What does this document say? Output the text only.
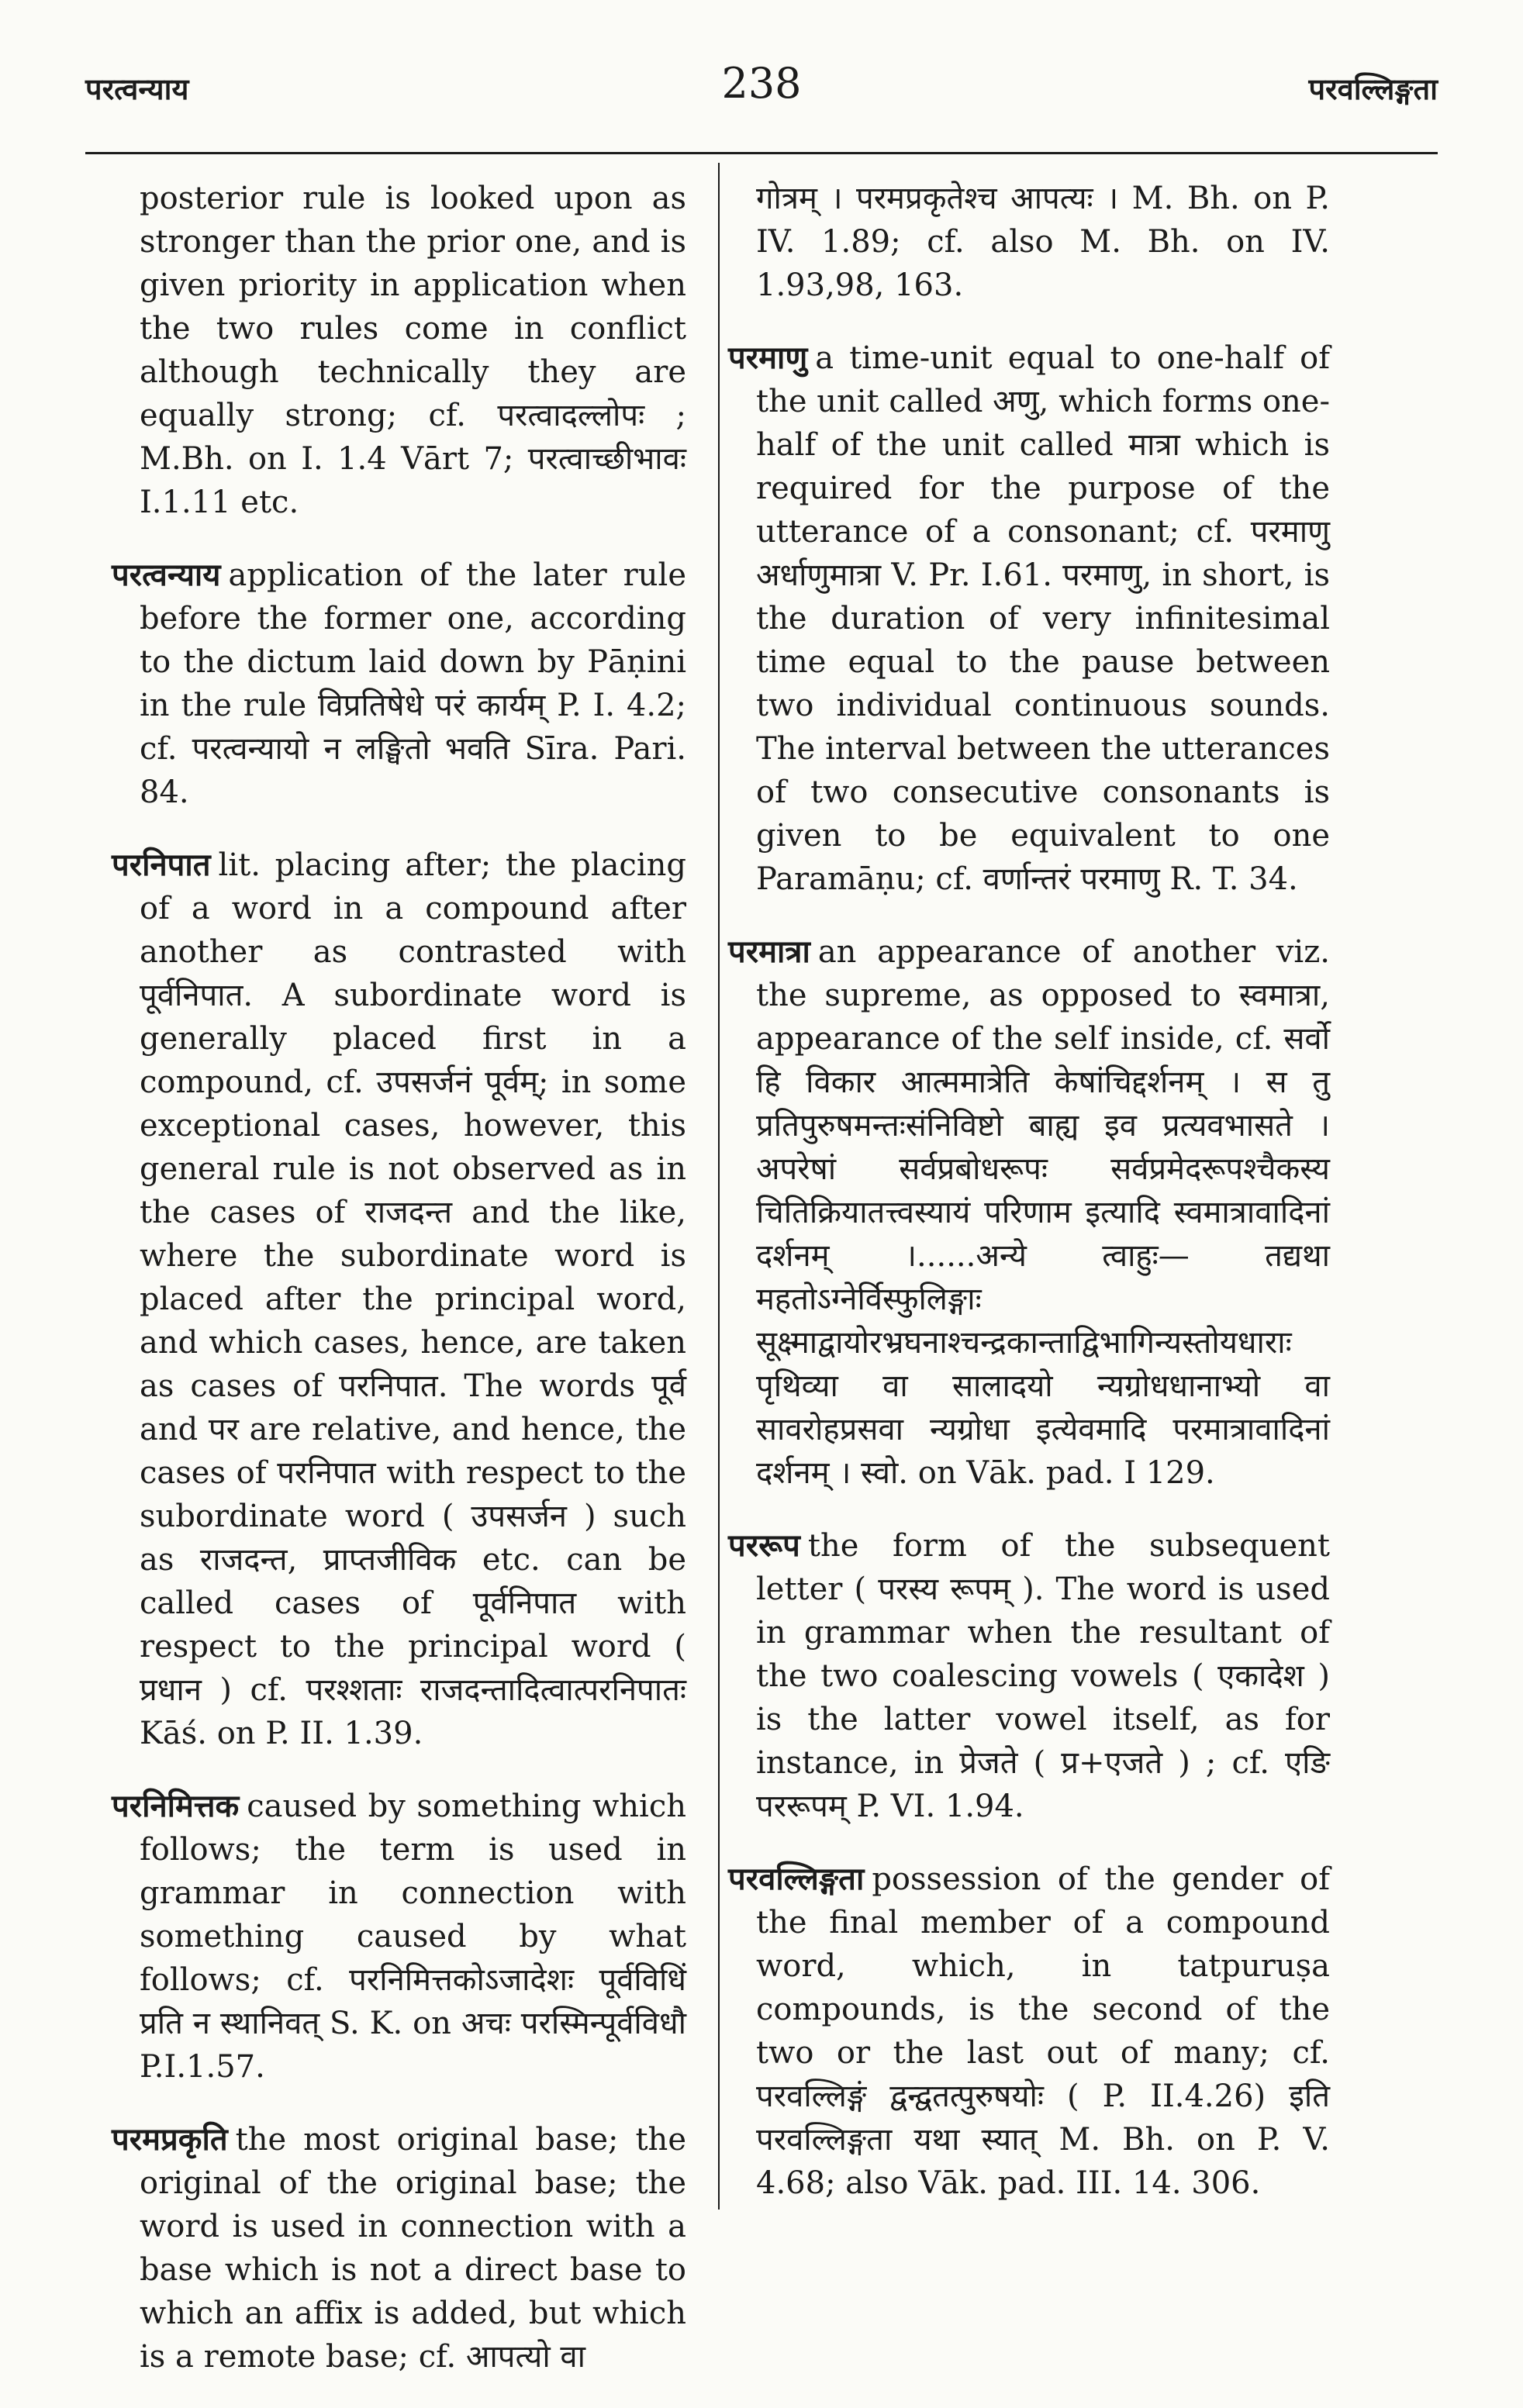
परत्वन्याय	238	परवल्लिङ्गता
posterior rule is looked upon as stronger than the prior one, and is given priority in application when the two rules come in conflict although technically they are equally strong; cf. परत्वादल्लोपः ; M.Bh. on I. 1.4 Vārt 7; परत्वाच्छीभावः I.1.11 etc.
परत्वन्याय application of the later rule before the former one, according to the dictum laid down by Pāṇini in the rule विप्रतिषेधे परं कार्यम् P. I. 4.2; cf. परत्वन्यायो न लङ्घितो भवति Sīra. Pari. 84.
परनिपात lit. placing after; the placing of a word in a compound after another as contrasted with पूर्वनिपात. A subordinate word is generally placed first in a compound, cf. उपसर्जनं पूर्वम्; in some exceptional cases, however, this general rule is not observed as in the cases of राजदन्त and the like, where the subordinate word is placed after the principal word, and which cases, hence, are taken as cases of परनिपात. The words पूर्व and पर are relative, and hence, the cases of परनिपात with respect to the subordinate word ( उपसर्जन ) such as राजदन्त, प्राप्तजीविक etc. can be called cases of पूर्वनिपात with respect to the principal word ( प्रधान ) cf. परश्शताः राजदन्तादित्वात्परनिपातः Kāś. on P. II. 1.39.
परनिमित्तक caused by something which follows; the term is used in grammar in connection with something caused by what follows; cf. परनिमित्तकोऽजादेशः पूर्वविधिं प्रति न स्थानिवत् S. K. on अचः परस्मिन्पूर्वविधौ P.I.1.57.
परमप्रकृति the most original base; the original of the original base; the word is used in connection with a base which is not a direct base to which an affix is added, but which is a remote base; cf. आपत्यो वा
गोत्रम् । परमप्रकृतेश्च आपत्यः । M. Bh. on P. IV. 1.89; cf. also M. Bh. on IV. 1.93,98, 163.
परमाणु a time-unit equal to one-half of the unit called अणु, which forms one-half of the unit called मात्रा which is required for the purpose of the utterance of a consonant; cf. परमाणु अर्धाणुमात्रा V. Pr. I.61. परमाणु, in short, is the duration of very infinitesimal time equal to the pause between two individual continuous sounds. The interval between the utterances of two consecutive consonants is given to be equivalent to one Paramāṇu; cf. वर्णान्तरं परमाणु R. T. 34.
परमात्रा an appearance of another viz. the supreme, as opposed to स्वमात्रा, appearance of the self inside, cf. सर्वो हि विकार आत्ममात्रेति केषांचिद्दर्शनम् । स तु प्रतिपुरुषमन्तःसंनिविष्टो बाह्य इव प्रत्यवभासते । अपरेषां सर्वप्रबोधरूपः सर्वप्रमेदरूपश्चैकस्य चितिक्रियातत्त्वस्यायं परिणाम इत्यादि स्वमात्रावादिनां दर्शनम् ।......अन्ये त्वाहुः— तद्यथा महतोऽग्नेर्विस्फुलिङ्गाः सूक्ष्माद्वायोरभ्रघनाश्चन्द्रकान्ताद्विभागिन्यस्तोयधाराः पृथिव्या वा सालादयो न्यग्रोधधानाभ्यो वा सावरोहप्रसवा न्यग्रोधा इत्येवमादि परमात्रावादिनां दर्शनम् । स्वो. on Vāk. pad. I 129.
पररूप the form of the subsequent letter ( परस्य रूपम् ). The word is used in grammar when the resultant of the two coalescing vowels ( एकादेश ) is the latter vowel itself, as for instance, in प्रेजते ( प्र+एजते ) ; cf. एङि पररूपम् P. VI. 1.94.
परवल्लिङ्गता possession of the gender of the final member of a compound word, which, in tatpuruṣa compounds, is the second of the two or the last out of many; cf. परवल्लिङ्गं द्वन्द्वतत्पुरुषयोः ( P. II.4.26) इति परवल्लिङ्गता यथा स्यात् M. Bh. on P. V. 4.68; also Vāk. pad. III. 14. 306.
